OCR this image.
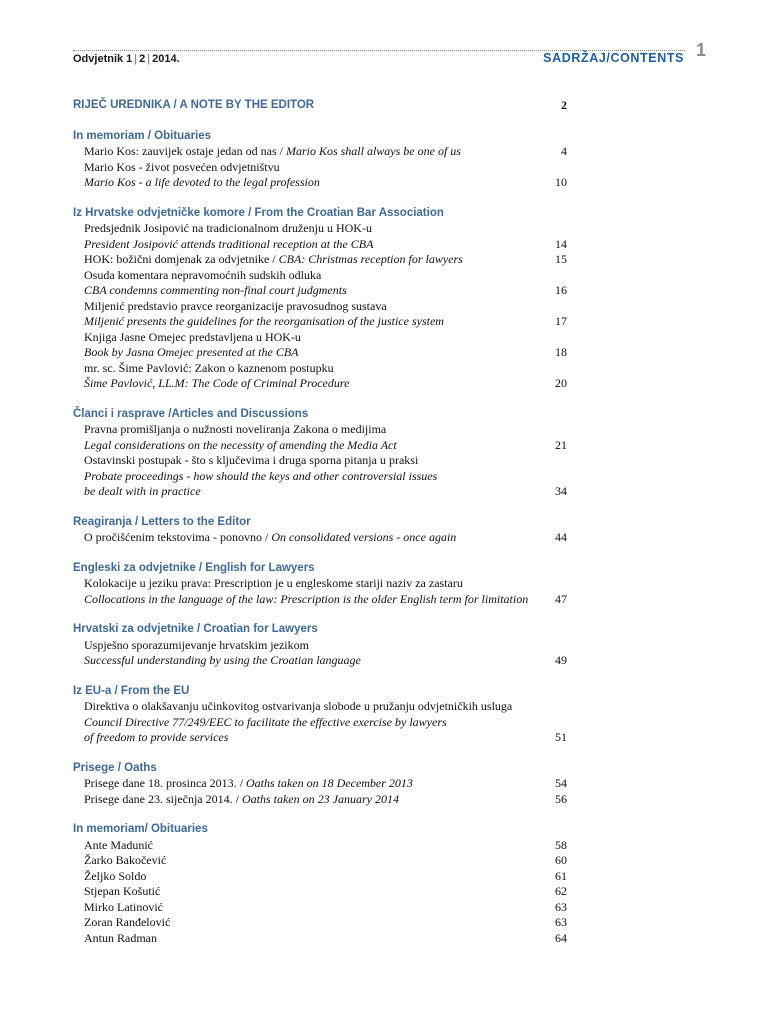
Odvjetnik 1 | 2 | 2014.	SADRŽAJ/CONTENTS 1
RIJEČ UREDNIKA / A NOTE BY THE EDITOR	2
In memoriam / Obituaries
Mario Kos: zauvijek ostaje jedan od nas / Mario Kos shall always be one of us	4
Mario Kos - život posvećen odvjetništvu
Mario Kos - a life devoted to the legal profession	10
Iz Hrvatske odvjetničke komore / From the Croatian Bar Association
Predsjednik Josipović na tradicionalnom druženju u HOK-u
President Josipović attends traditional reception at the CBA	14
HOK: božični domjenak za odvjetnike / CBA: Christmas reception for lawyers	15
Osuda komentara nepravomoćnih sudskih odluka
CBA condemns commenting non-final court judgments	16
Miljenić predstavio pravce reorganizacije pravosudnog sustava
Miljenić presents the guidelines for the reorganisation of the justice system	17
Knjiga Jasne Omejec predstavljena u HOK-u
Book by Jasna Omejec presented at the CBA	18
mr. sc. Šime Pavlović: Zakon o kaznenom postupku
Šime Pavlović, LL.M: The Code of Criminal Procedure	20
Članci i rasprave /Articles and Discussions
Pravna promišljanja o nužnosti noveliranja Zakona o medijima
Legal considerations on the necessity of amending the Media Act	21
Ostavinski postupak - što s ključevima i druga sporna pitanja u praksi
Probate proceedings - how should the keys and other controversial issues
be dealt with in practice	34
Reagiranja / Letters to the Editor
O pročišćenim tekstovima - ponovno / On consolidated versions - once again	44
Engleski za odvjetnike / English for Lawyers
Kolokacije u jeziku prava: Prescription je u engleskome stariji naziv za zastaru
Collocations in the language of the law: Prescription is the older English term for limitation 47
Hrvatski za odvjetnike / Croatian for Lawyers
Uspješno sporazumijevanje hrvatskim jezikom
Successful understanding by using the Croatian language	49
Iz EU-a / From the EU
Direktiva o olakšavanju učinkovitog ostvarivanja slobode u pružanju odvjetničkih usluga
Council Directive 77/249/EEC to facilitate the effective exercise by lawyers
of freedom to provide services	51
Prisege / Oaths
Prisege dane 18. prosinca 2013. / Oaths taken on 18 December 2013	54
Prisege dane 23. siječnja 2014. / Oaths taken on 23 January 2014	56
In memoriam/ Obituaries
Ante Madunić	58
Žarko Bakočević	60
Željko Soldo	61
Stjepan Košutić	62
Mirko Latinović	63
Zoran Ranđelović	63
Antun Radman	64
